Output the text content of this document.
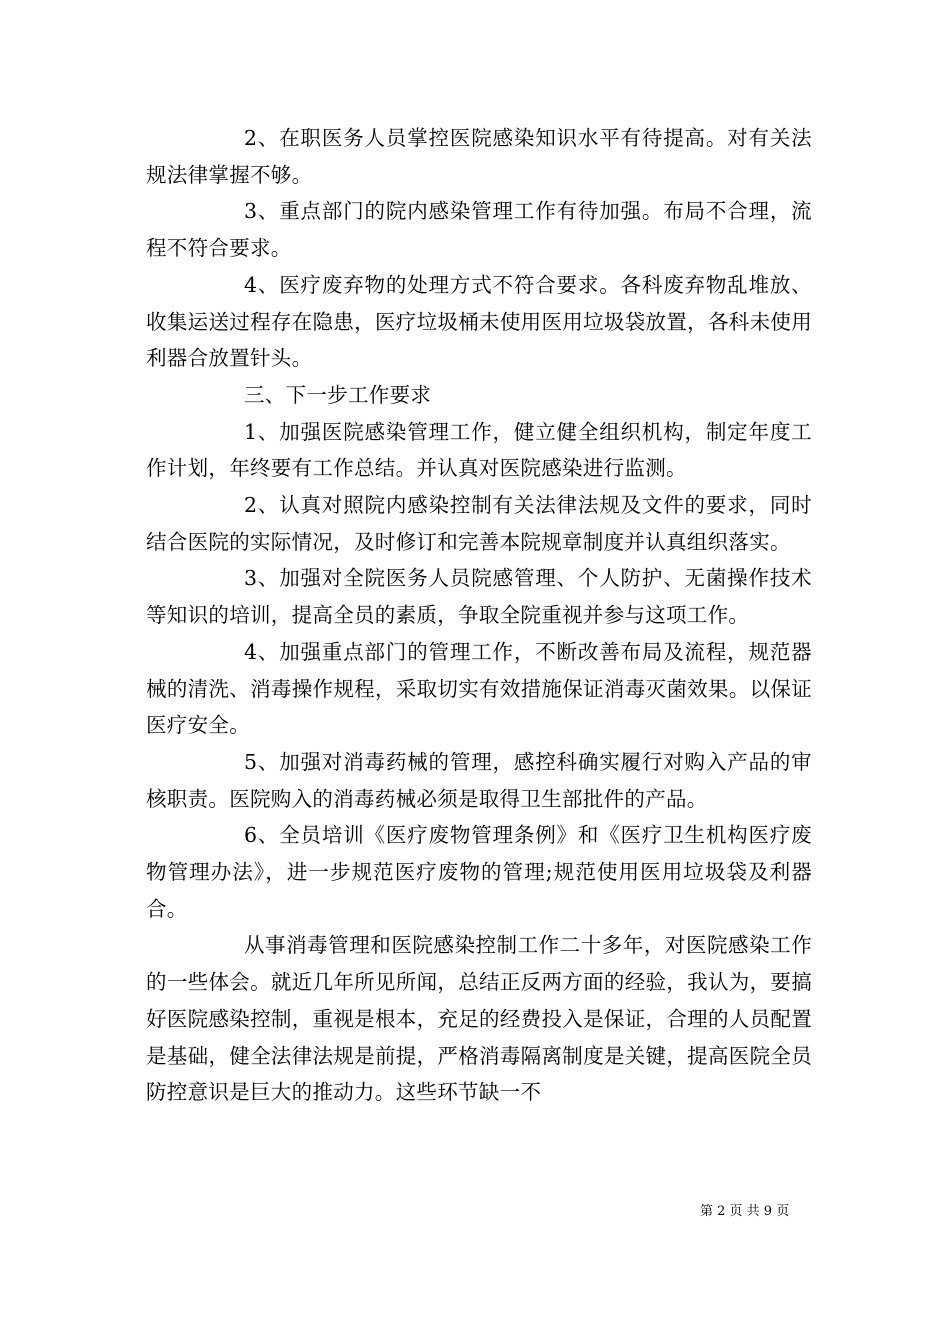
2、在职医务人员掌控医院感染知识水平有待提高。对有关法规法律掌握不够。

3、重点部门的院内感染管理工作有待加强。布局不合理，流程不符合要求。

4、医疗废弃物的处理方式不符合要求。各科废弃物乱堆放、收集运送过程存在隐患，医疗垃圾桶未使用医用垃圾袋放置，各科未使用利器合放置针头。

三、下一步工作要求

1、加强医院感染管理工作，健立健全组织机构，制定年度工作计划，年终要有工作总结。并认真对医院感染进行监测。

2、认真对照院内感染控制有关法律法规及文件的要求，同时结合医院的实际情况，及时修订和完善本院规章制度并认真组织落实。

3、加强对全院医务人员院感管理、个人防护、无菌操作技术等知识的培训，提高全员的素质，争取全院重视并参与这项工作。

4、加强重点部门的管理工作，不断改善布局及流程，规范器械的清洗、消毒操作规程，采取切实有效措施保证消毒灭菌效果。以保证医疗安全。

5、加强对消毒药械的管理，感控科确实履行对购入产品的审核职责。医院购入的消毒药械必须是取得卫生部批件的产品。

6、全员培训《医疗废物管理条例》和《医疗卫生机构医疗废物管理办法》，进一步规范医疗废物的管理;规范使用医用垃圾袋及利器合。

从事消毒管理和医院感染控制工作二十多年，对医院感染工作的一些体会。就近几年所见所闻，总结正反两方面的经验，我认为，要搞好医院感染控制，重视是根本，充足的经费投入是保证，合理的人员配置是基础，健全法律法规是前提，严格消毒隔离制度是关键，提高医院全员防控意识是巨大的推动力。这些环节缺一不

第 2 页 共 9 页
